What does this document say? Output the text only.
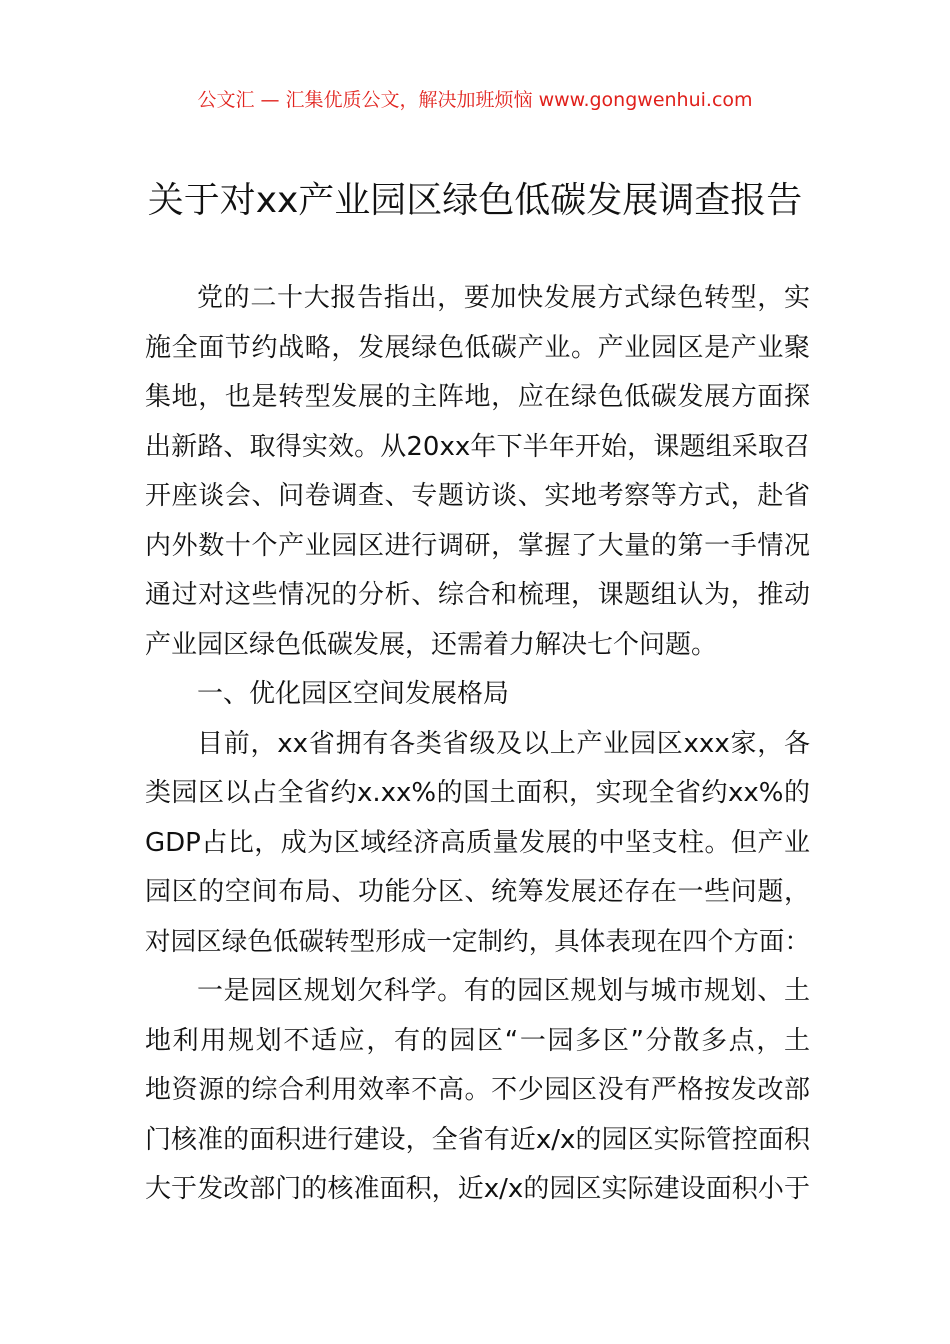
公文汇 — 汇集优质公文，解决加班烦恼 www.gongwenhui.com
关于对xx产业园区绿色低碳发展调查报告
党的二十大报告指出，要加快发展方式绿色转型，实
施全面节约战略，发展绿色低碳产业。产业园区是产业聚
集地，也是转型发展的主阵地，应在绿色低碳发展方面探
出新路、取得实效。从20xx年下半年开始，课题组采取召
开座谈会、问卷调查、专题访谈、实地考察等方式，赴省
内外数十个产业园区进行调研，掌握了大量的第一手情况
通过对这些情况的分析、综合和梳理，课题组认为，推动
产业园区绿色低碳发展，还需着力解决七个问题。
一、优化园区空间发展格局
目前，xx省拥有各类省级及以上产业园区xxx家，各
类园区以占全省约x.xx%的国土面积，实现全省约xx%的
GDP占比，成为区域经济高质量发展的中坚支柱。但产业
园区的空间布局、功能分区、统筹发展还存在一些问题，
对园区绿色低碳转型形成一定制约，具体表现在四个方面：
一是园区规划欠科学。有的园区规划与城市规划、土
地利用规划不适应，有的园区“一园多区”分散多点，土
地资源的综合利用效率不高。不少园区没有严格按发改部
门核准的面积进行建设，全省有近x/x的园区实际管控面积
大于发改部门的核准面积，近x/x的园区实际建设面积小于
